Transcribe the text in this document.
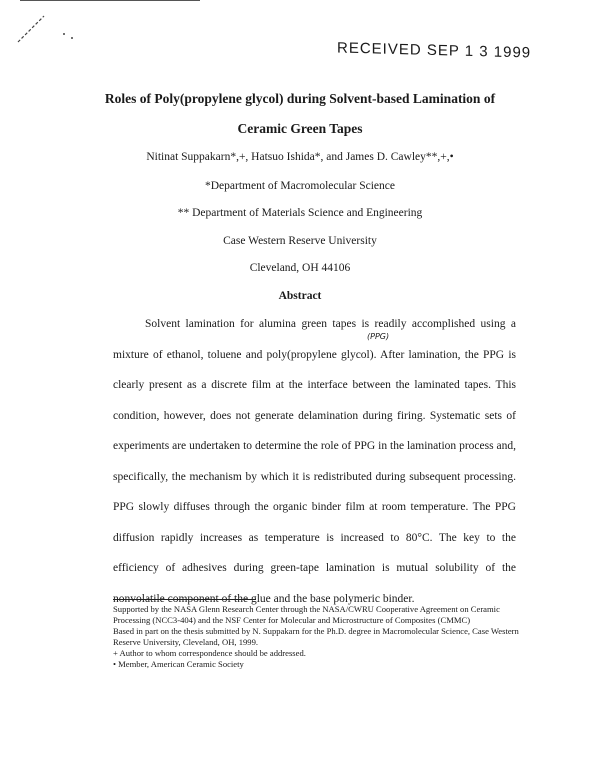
RECEIVED SEP 1 3 1999
Roles of Poly(propylene glycol) during Solvent-based Lamination of
Ceramic Green Tapes
Nitinat Suppakarn*,+, Hatsuo Ishida*, and James D. Cawley**,+,•
*Department of Macromolecular Science
** Department of Materials Science and Engineering
Case Western Reserve University
Cleveland, OH 44106
Abstract
(PPG)

Solvent lamination for alumina green tapes is readily accomplished using a mixture of ethanol, toluene and poly(propylene glycol). After lamination, the PPG is clearly present as a discrete film at the interface between the laminated tapes. This condition, however, does not generate delamination during firing. Systematic sets of experiments are undertaken to determine the role of PPG in the lamination process and, specifically, the mechanism by which it is redistributed during subsequent processing. PPG slowly diffuses through the organic binder film at room temperature. The PPG diffusion rapidly increases as temperature is increased to 80°C. The key to the efficiency of adhesives during green-tape lamination is mutual solubility of the nonvolatile component of the glue and the base polymeric binder.

Supported by the NASA Glenn Research Center through the NASA/CWRU Cooperative Agreement on Ceramic Processing (NCC3-404) and the NSF Center for Molecular and Microstructure of Composites (CMMC)
Based in part on the thesis submitted by N. Suppakarn for the Ph.D. degree in Macromolecular Science, Case Western Reserve University, Cleveland, OH, 1999.
+ Author to whom correspondence should be addressed.
• Member, American Ceramic Society
